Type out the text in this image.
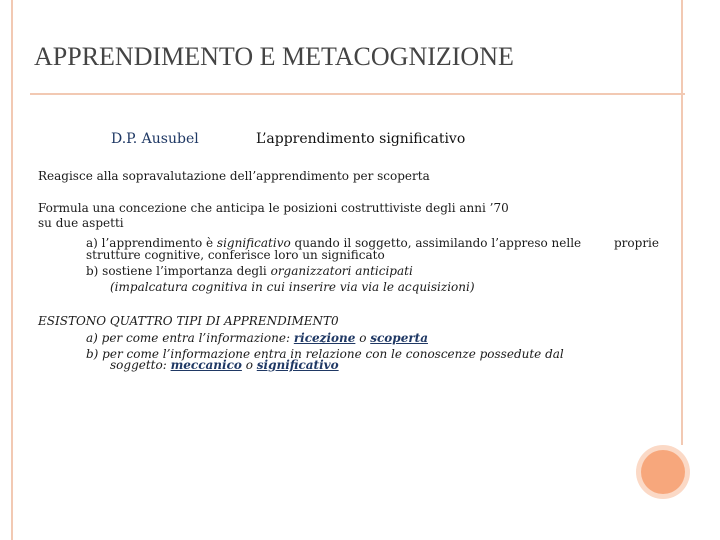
APPRENDIMENTO E METACOGNIZIONE
D.P. Ausubel	L’apprendimento significativo
Reagisce alla sopravalutazione dell’apprendimento per scoperta
Formula una concezione che anticipa le posizioni costruttiviste degli anni ’70
su due aspetti
a) l’apprendimento è significativo quando il soggetto, assimilando l’appreso nelle	proprie
strutture cognitive, conferisce loro un significato
b) sostiene l’importanza degli organizzatori anticipati
(impalcatura cognitiva in cui inserire via via le acquisizioni)
ESISTONO QUATTRO TIPI DI APPRENDIMENT0
a) per come entra l’informazione: ricezione o scoperta
b) per come l’informazione entra in relazione con le conoscenze possedute dal
soggetto: meccanico o significativo
